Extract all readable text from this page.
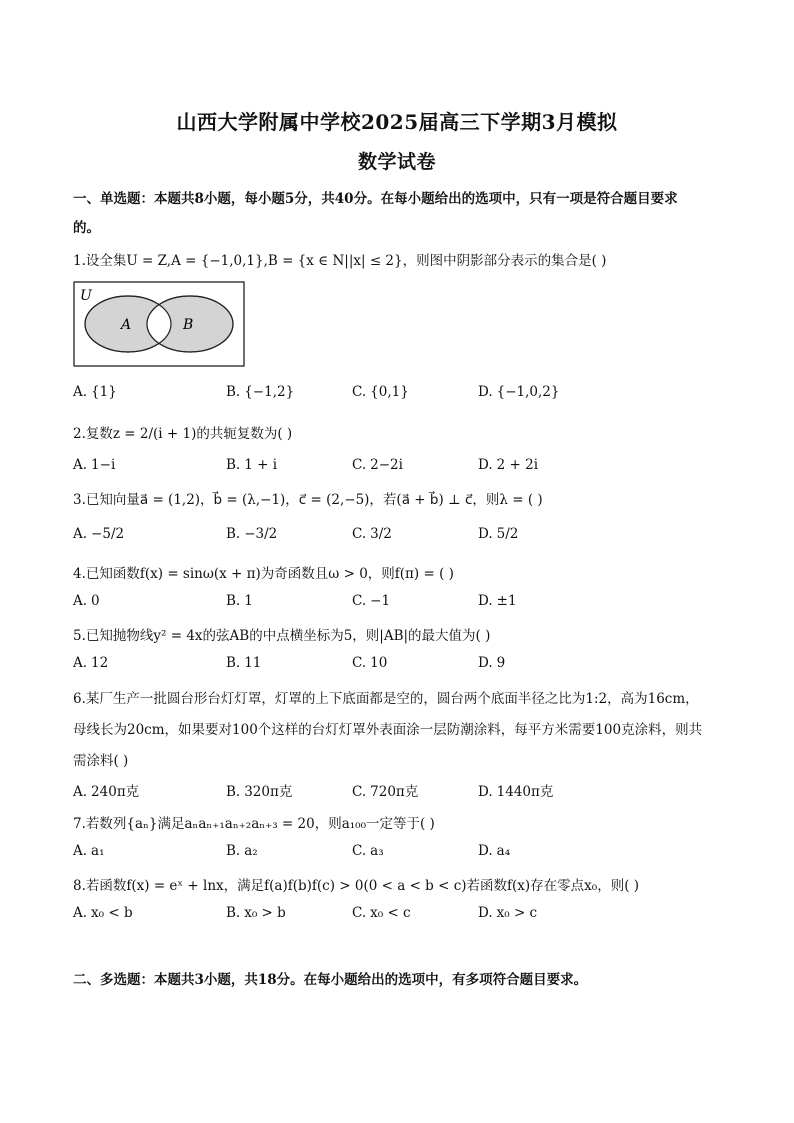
山西大学附属中学校2025届高三下学期3月模拟
数学试卷
一、单选题：本题共8小题，每小题5分，共40分。在每小题给出的选项中，只有一项是符合题目要求
的。
1.设全集U = Z,A = {−1,0,1},B = {x ∈ N||x| ≤ 2}，则图中阴影部分表示的集合是( )
U
A	B
A. {1}	B. {−1,2}	C. {0,1}	D. {−1,0,2}
2.复数z = 2/(i + 1)的共轭复数为( )
A. 1−i	B. 1 + i	C. 2−2i	D. 2 + 2i
3.已知向量a⃗ = (1,2)，b⃗ = (λ,−1)，c⃗ = (2,−5)，若(a⃗ + b⃗) ⊥ c⃗，则λ = ( )
A. −5/2	B. −3/2	C. 3/2	D. 5/2
4.已知函数f(x) = sinω(x + π)为奇函数且ω > 0，则f(π) = ( )
A. 0	B. 1	C. −1	D. ±1
5.已知抛物线y² = 4x的弦AB的中点横坐标为5，则|AB|的最大值为( )
A. 12	B. 11	C. 10	D. 9
6.某厂生产一批圆台形台灯灯罩，灯罩的上下底面都是空的，圆台两个底面半径之比为1:2，高为16cm，
母线长为20cm，如果要对100个这样的台灯灯罩外表面涂一层防潮涂料，每平方米需要100克涂料，则共
需涂料( )
A. 240π克	B. 320π克	C. 720π克	D. 1440π克
7.若数列{aₙ}满足aₙaₙ₊₁aₙ₊₂aₙ₊₃ = 20，则a₁₀₀一定等于( )
A. a₁	B. a₂	C. a₃	D. a₄
8.若函数f(x) = eˣ + lnx，满足f(a)f(b)f(c) > 0(0 < a < b < c)若函数f(x)存在零点x₀，则( )
A. x₀ < b	B. x₀ > b	C. x₀ < c	D. x₀ > c
二、多选题：本题共3小题，共18分。在每小题给出的选项中，有多项符合题目要求。
